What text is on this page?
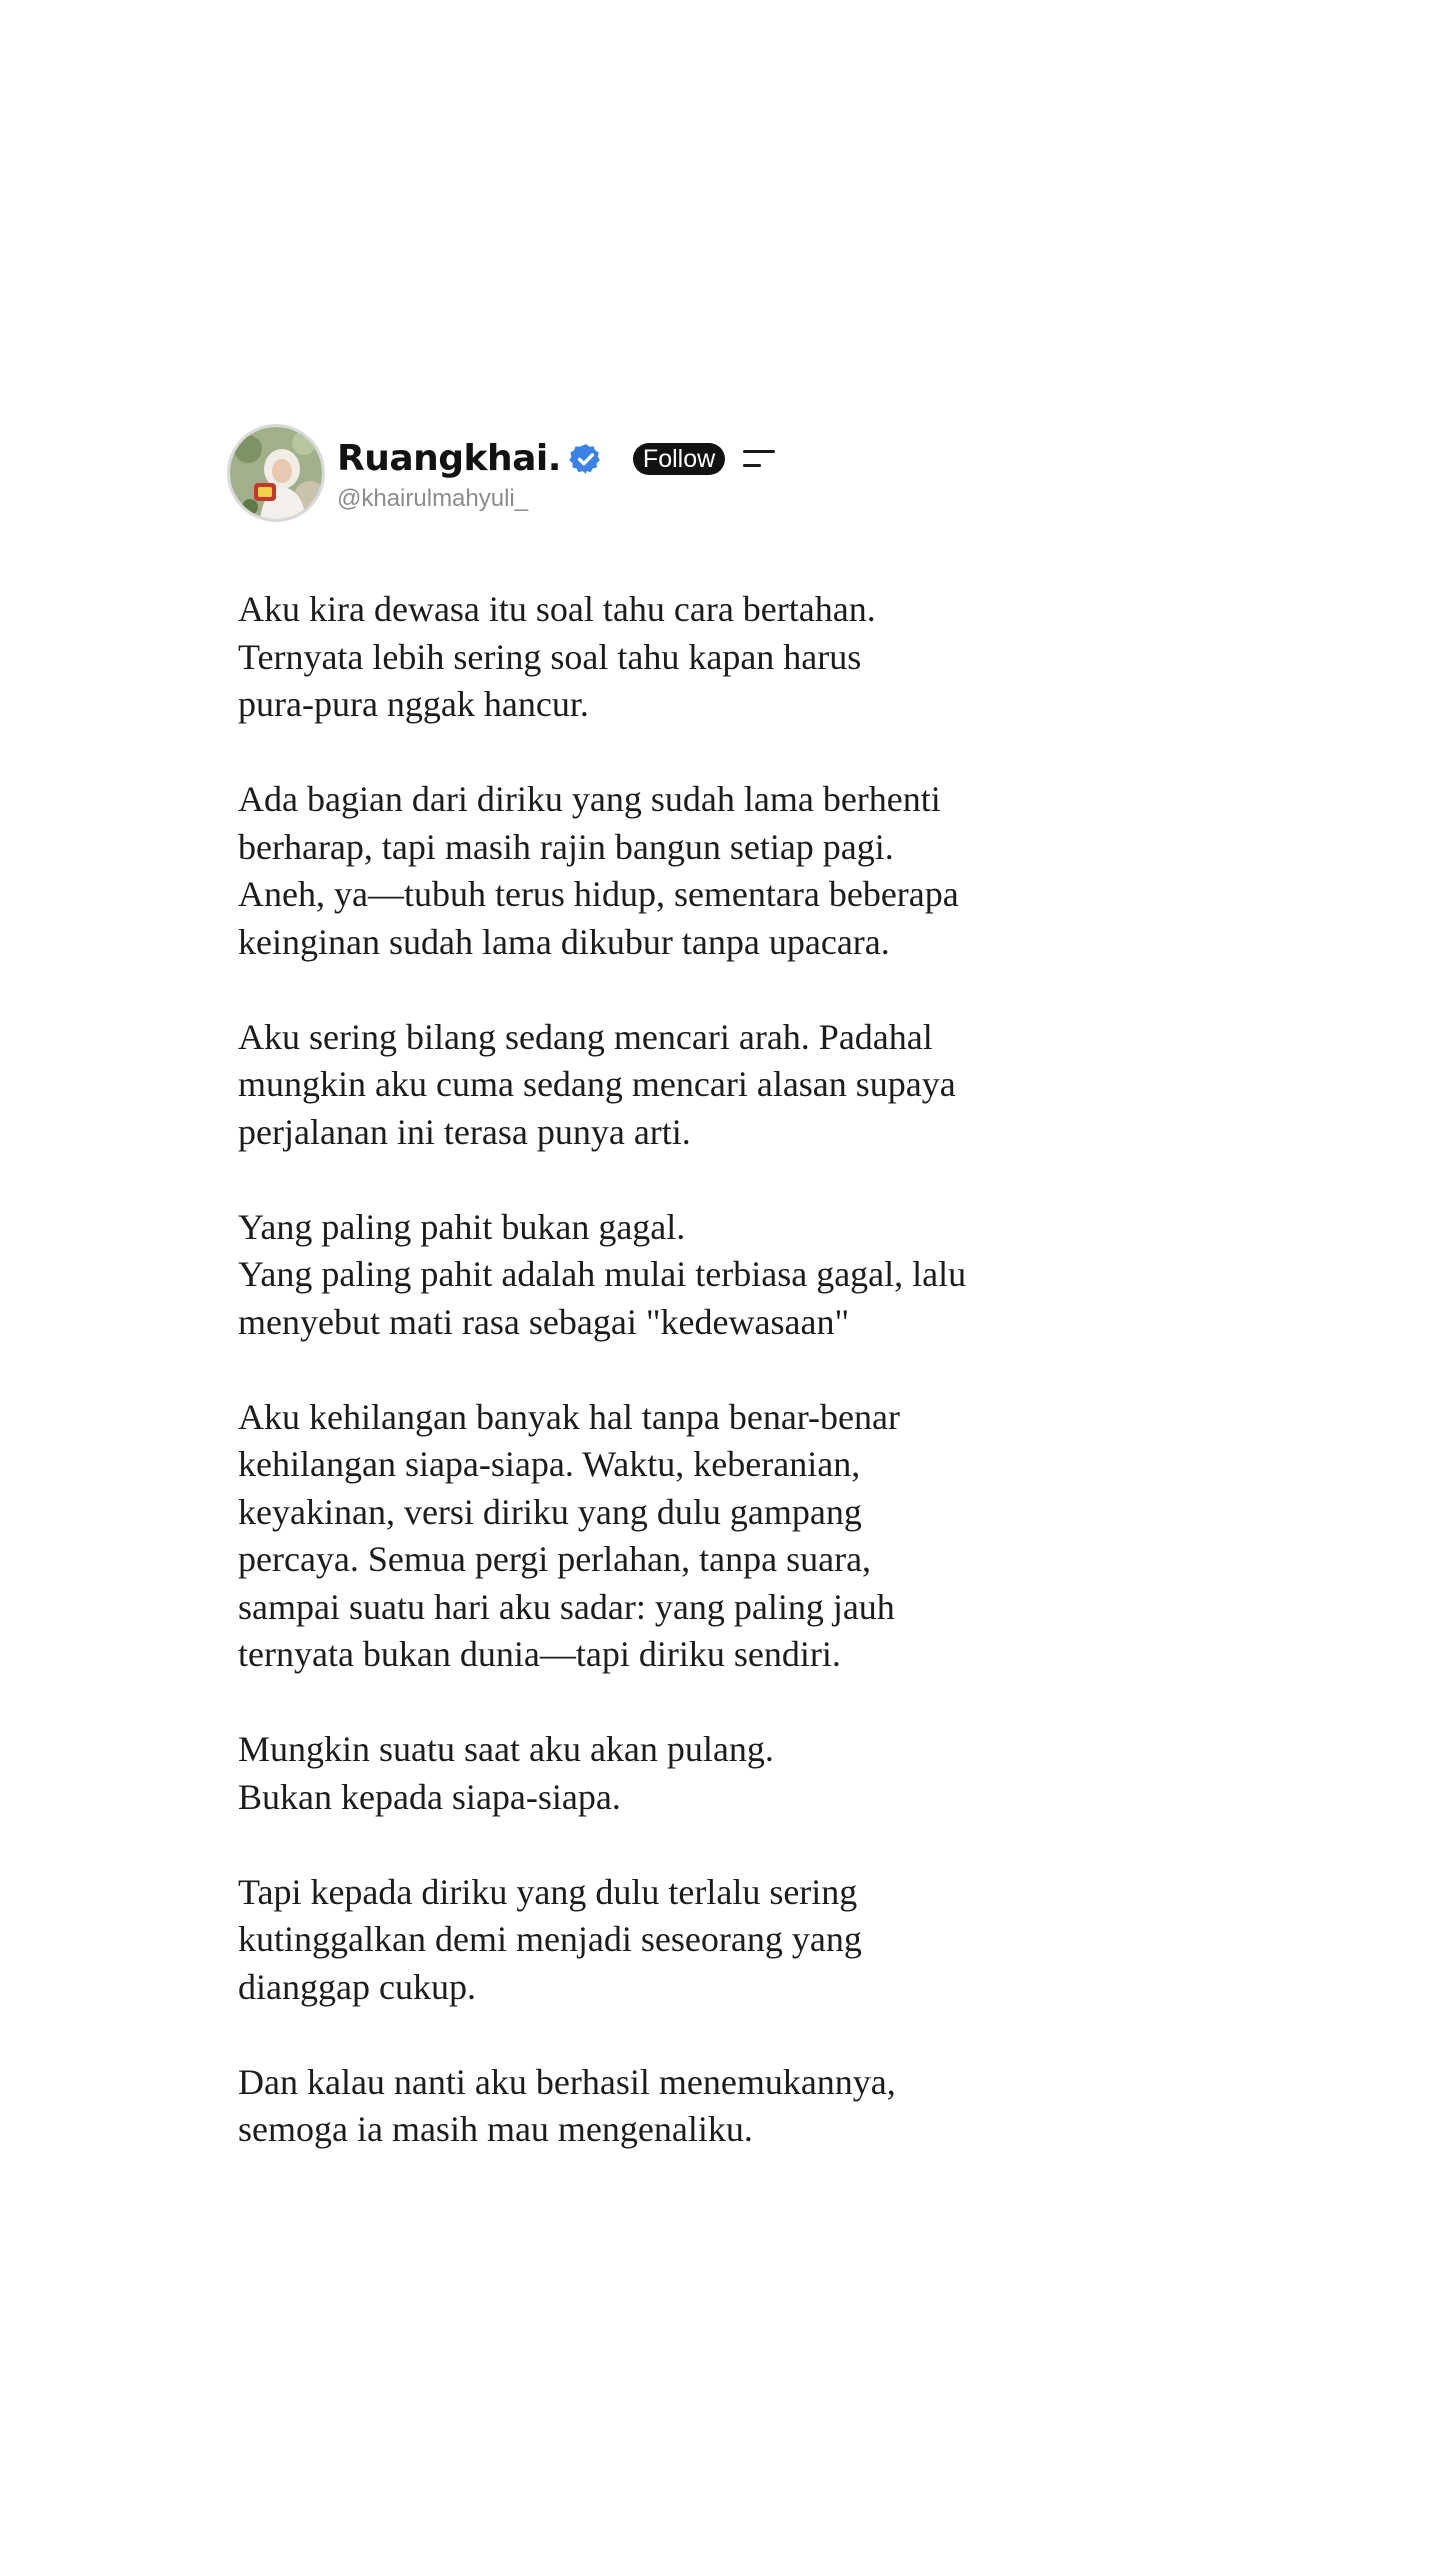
Ruangkhai.	Follow
@khairulmahyuli_

Aku kira dewasa itu soal tahu cara bertahan.
Ternyata lebih sering soal tahu kapan harus
pura-pura nggak hancur.

Ada bagian dari diriku yang sudah lama berhenti
berharap, tapi masih rajin bangun setiap pagi.
Aneh, ya—tubuh terus hidup, sementara beberapa
keinginan sudah lama dikubur tanpa upacara.

Aku sering bilang sedang mencari arah. Padahal
mungkin aku cuma sedang mencari alasan supaya
perjalanan ini terasa punya arti.

Yang paling pahit bukan gagal.
Yang paling pahit adalah mulai terbiasa gagal, lalu
menyebut mati rasa sebagai "kedewasaan"

Aku kehilangan banyak hal tanpa benar-benar
kehilangan siapa-siapa. Waktu, keberanian,
keyakinan, versi diriku yang dulu gampang
percaya. Semua pergi perlahan, tanpa suara,
sampai suatu hari aku sadar: yang paling jauh
ternyata bukan dunia—tapi diriku sendiri.

Mungkin suatu saat aku akan pulang.
Bukan kepada siapa-siapa.

Tapi kepada diriku yang dulu terlalu sering
kutinggalkan demi menjadi seseorang yang
dianggap cukup.

Dan kalau nanti aku berhasil menemukannya,
semoga ia masih mau mengenaliku.
